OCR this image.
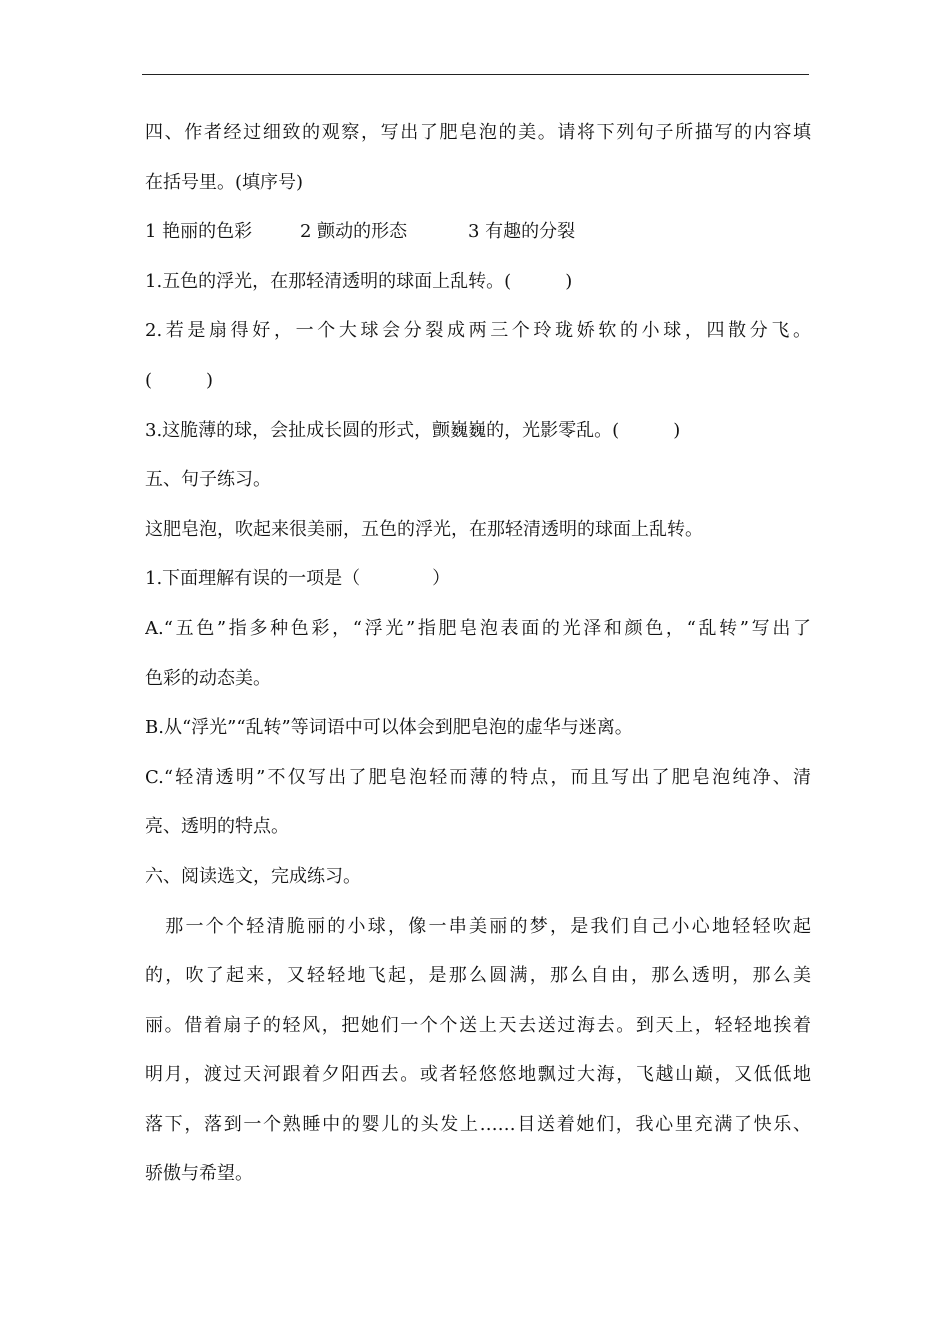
四、作者经过细致的观察，写出了肥皂泡的美。请将下列句子所描写的内容填
在括号里。(填序号)
1 艳丽的色彩	2 颤动的形态	3 有趣的分裂
1.五色的浮光，在那轻清透明的球面上乱转。(　　　)
2.若是扇得好，一个大球会分裂成两三个玲珑娇软的小球，四散分飞。
(　　　)
3.这脆薄的球，会扯成长圆的形式，颤巍巍的，光影零乱。(　　　)
五、句子练习。
这肥皂泡，吹起来很美丽，五色的浮光，在那轻清透明的球面上乱转。
1.下面理解有误的一项是（　　　　）
A.“五色”指多种色彩，“浮光”指肥皂泡表面的光泽和颜色，“乱转”写出了
色彩的动态美。
B.从“浮光”“乱转”等词语中可以体会到肥皂泡的虚华与迷离。
C.“轻清透明”不仅写出了肥皂泡轻而薄的特点，而且写出了肥皂泡纯净、清
亮、透明的特点。
六、阅读选文，完成练习。
　那一个个轻清脆丽的小球，像一串美丽的梦，是我们自己小心地轻轻吹起
的，吹了起来，又轻轻地飞起，是那么圆满，那么自由，那么透明，那么美
丽。借着扇子的轻风，把她们一个个送上天去送过海去。到天上，轻轻地挨着
明月，渡过天河跟着夕阳西去。或者轻悠悠地飘过大海，飞越山巅，又低低地
落下，落到一个熟睡中的婴儿的头发上……目送着她们，我心里充满了快乐、
骄傲与希望。
